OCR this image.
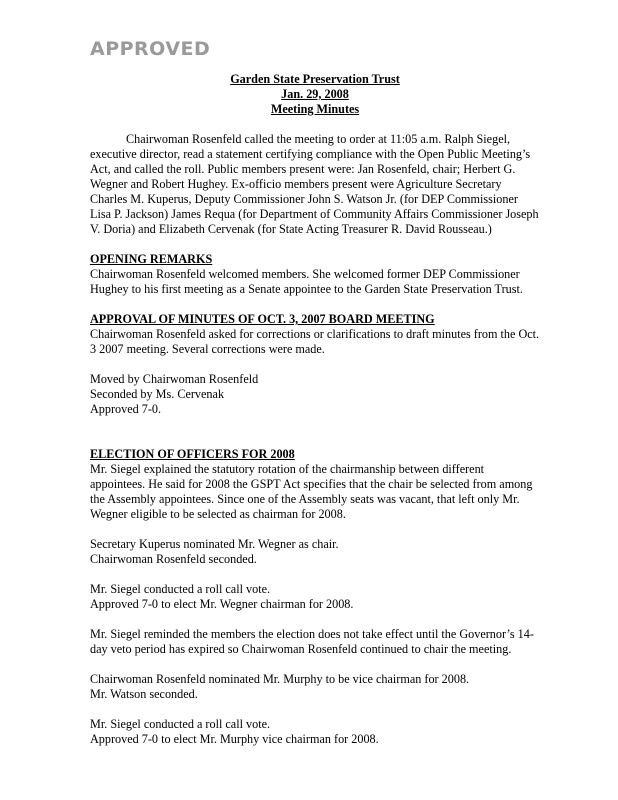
APPROVED

Garden State Preservation Trust

Jan. 29, 2008

Meeting Minutes

Chairwoman Rosenfeld called the meeting to order at 11:05 a.m. Ralph Siegel, executive director, read a statement certifying compliance with the Open Public Meeting’s Act, and called the roll. Public members present were: Jan Rosenfeld, chair; Herbert G. Wegner and Robert Hughey. Ex-officio members present were Agriculture Secretary Charles M. Kuperus, Deputy Commissioner John S. Watson Jr. (for DEP Commissioner Lisa P. Jackson) James Requa (for Department of Community Affairs Commissioner Joseph V. Doria) and Elizabeth Cervenak (for State Acting Treasurer R. David Rousseau.)

OPENING REMARKS

Chairwoman Rosenfeld welcomed members. She welcomed former DEP Commissioner Hughey to his first meeting as a Senate appointee to the Garden State Preservation Trust.

APPROVAL OF MINUTES OF OCT. 3, 2007 BOARD MEETING

Chairwoman Rosenfeld asked for corrections or clarifications to draft minutes from the Oct. 3 2007 meeting. Several corrections were made.

Moved by Chairwoman Rosenfeld

Seconded by Ms. Cervenak

Approved 7-0.

ELECTION OF OFFICERS FOR 2008

Mr. Siegel explained the statutory rotation of the chairmanship between different appointees. He said for 2008 the GSPT Act specifies that the chair be selected from among the Assembly appointees. Since one of the Assembly seats was vacant, that left only Mr. Wegner eligible to be selected as chairman for 2008.

Secretary Kuperus nominated Mr. Wegner as chair.

Chairwoman Rosenfeld seconded.

Mr. Siegel conducted a roll call vote.

Approved 7-0 to elect Mr. Wegner chairman for 2008.

Mr. Siegel reminded the members the election does not take effect until the Governor’s 14-day veto period has expired so Chairwoman Rosenfeld continued to chair the meeting.

Chairwoman Rosenfeld nominated Mr. Murphy to be vice chairman for 2008.

Mr. Watson seconded.

Mr. Siegel conducted a roll call vote.

Approved 7-0 to elect Mr. Murphy vice chairman for 2008.
